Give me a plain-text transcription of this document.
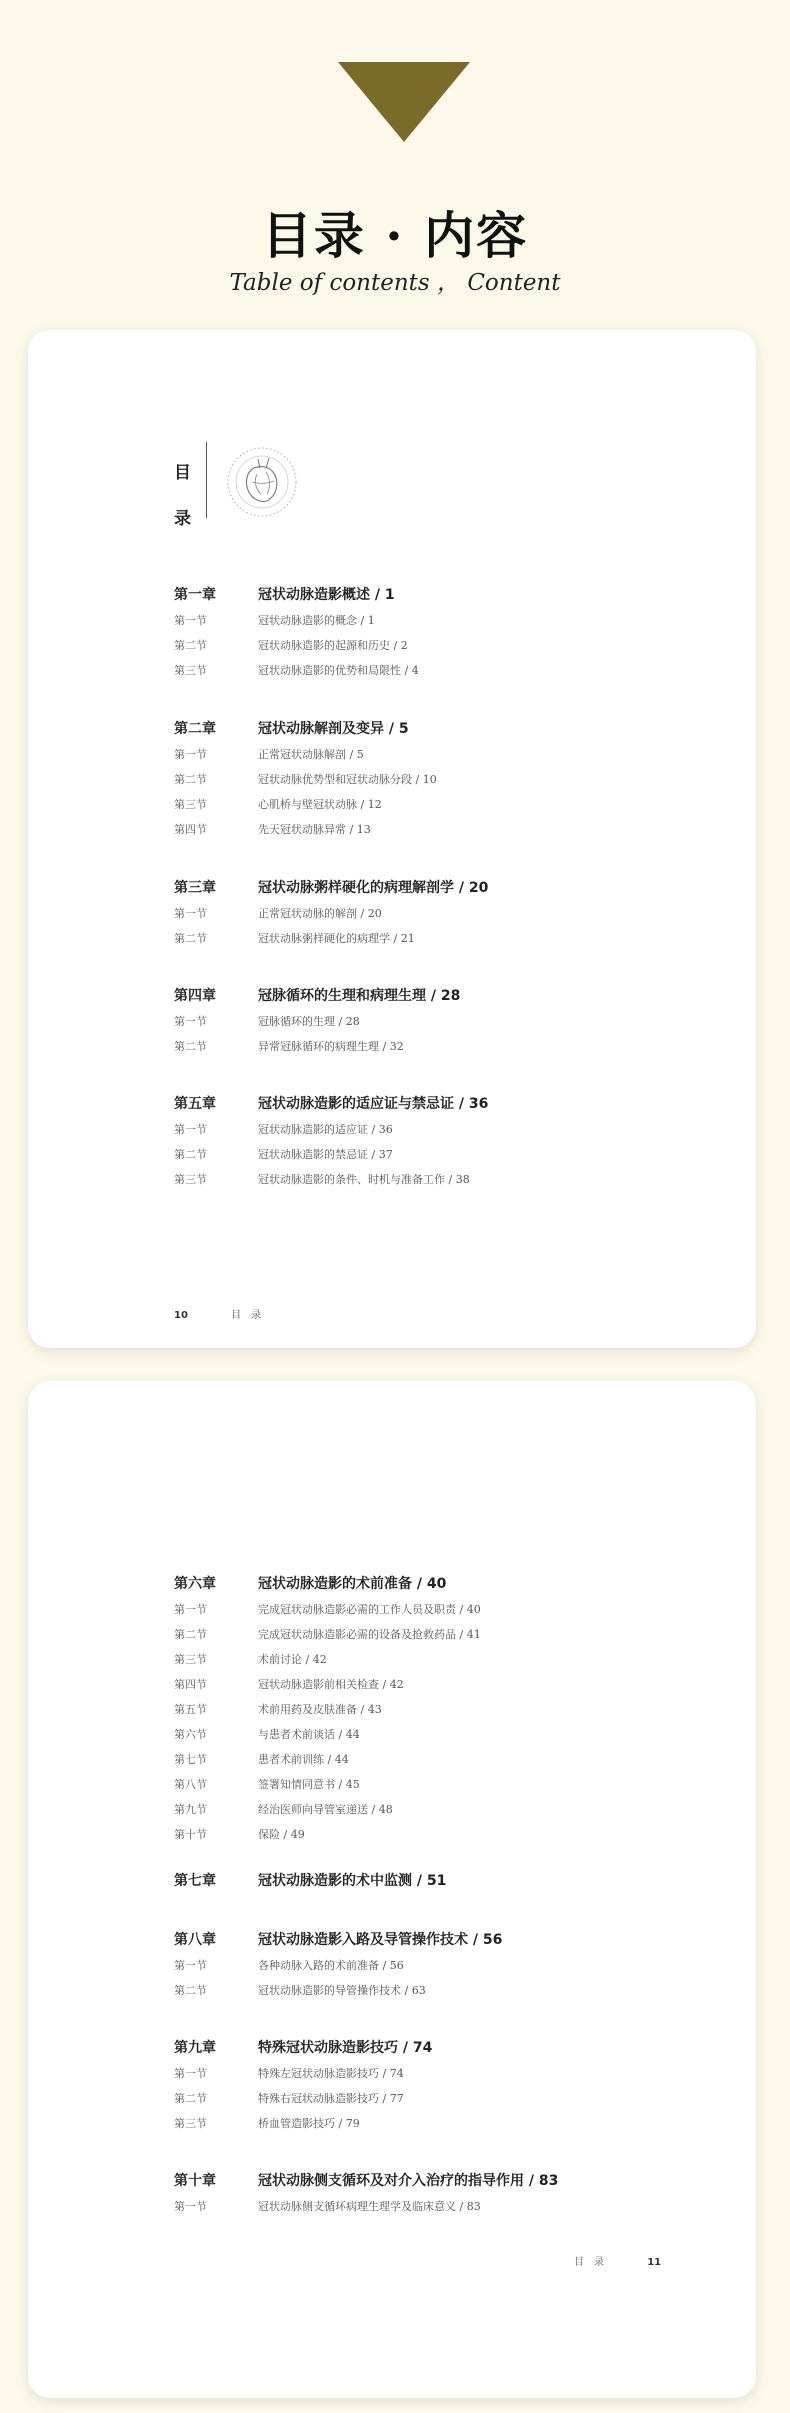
目录 · 内容
Table of contents ， Content
目
录
第一章	冠状动脉造影概述 / 1
第一节	冠状动脉造影的概念 / 1
第二节	冠状动脉造影的起源和历史 / 2
第三节	冠状动脉造影的优势和局限性 / 4
第二章	冠状动脉解剖及变异 / 5
第一节	正常冠状动脉解剖 / 5
第二节	冠状动脉优势型和冠状动脉分段 / 10
第三节	心肌桥与壁冠状动脉 / 12
第四节	先天冠状动脉异常 / 13
第三章	冠状动脉粥样硬化的病理解剖学 / 20
第一节	正常冠状动脉的解剖 / 20
第二节	冠状动脉粥样硬化的病理学 / 21
第四章	冠脉循环的生理和病理生理 / 28
第一节	冠脉循环的生理 / 28
第二节	异常冠脉循环的病理生理 / 32
第五章	冠状动脉造影的适应证与禁忌证 / 36
第一节	冠状动脉造影的适应证 / 36
第二节	冠状动脉造影的禁忌证 / 37
第三节	冠状动脉造影的条件、时机与准备工作 / 38
10	目　录
第六章	冠状动脉造影的术前准备 / 40
第一节	完成冠状动脉造影必需的工作人员及职责 / 40
第二节	完成冠状动脉造影必需的设备及抢救药品 / 41
第三节	术前讨论 / 42
第四节	冠状动脉造影前相关检查 / 42
第五节	术前用药及皮肤准备 / 43
第六节	与患者术前谈话 / 44
第七节	患者术前训练 / 44
第八节	签署知情同意书 / 45
第九节	经治医师向导管室递送 / 48
第十节	保险 / 49
第七章	冠状动脉造影的术中监测 / 51
第八章	冠状动脉造影入路及导管操作技术 / 56
第一节	各种动脉入路的术前准备 / 56
第二节	冠状动脉造影的导管操作技术 / 63
第九章	特殊冠状动脉造影技巧 / 74
第一节	特殊左冠状动脉造影技巧 / 74
第二节	特殊右冠状动脉造影技巧 / 77
第三节	桥血管造影技巧 / 79
第十章	冠状动脉侧支循环及对介入治疗的指导作用 / 83
第一节	冠状动脉侧支循环病理生理学及临床意义 / 83
目　录	11
